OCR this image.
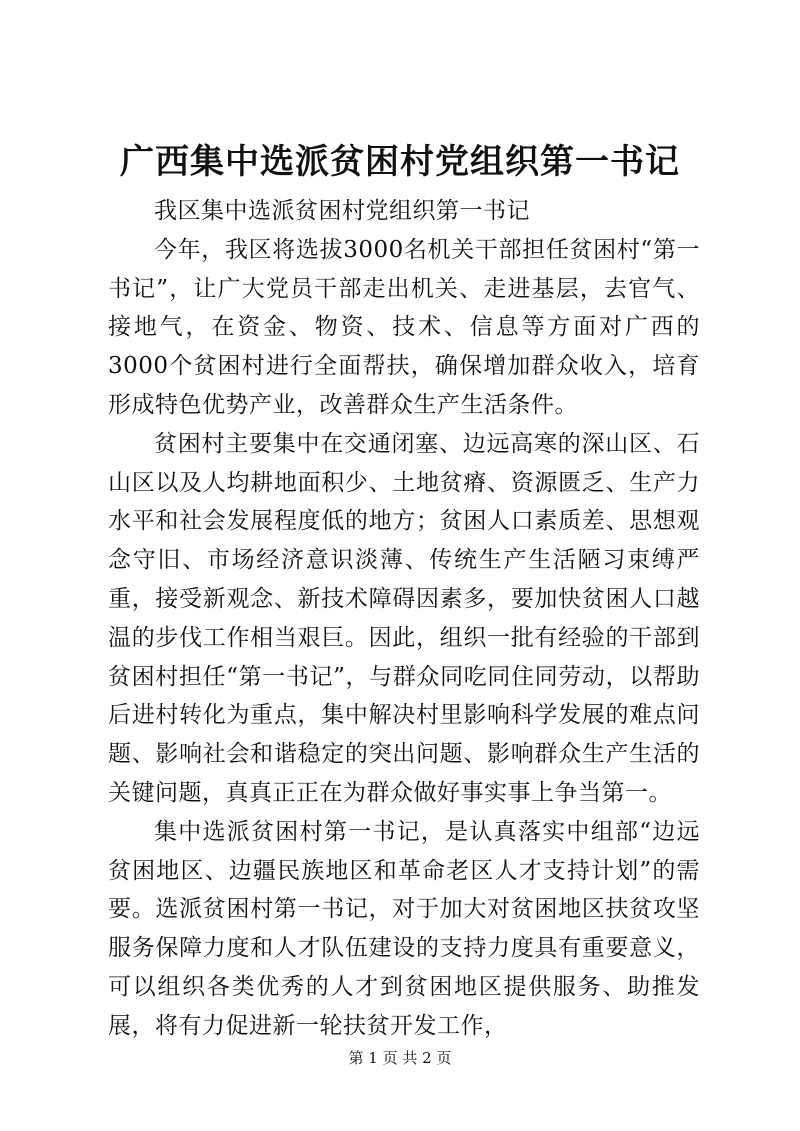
广西集中选派贫困村党组织第一书记

我区集中选派贫困村党组织第一书记

今年，我区将选拔3000名机关干部担任贫困村“第一书记”，让广大党员干部走出机关、走进基层，去官气、接地气，在资金、物资、技术、信息等方面对广西的3000个贫困村进行全面帮扶，确保增加群众收入，培育形成特色优势产业，改善群众生产生活条件。

贫困村主要集中在交通闭塞、边远高寒的深山区、石山区以及人均耕地面积少、土地贫瘠、资源匮乏、生产力水平和社会发展程度低的地方；贫困人口素质差、思想观念守旧、市场经济意识淡薄、传统生产生活陋习束缚严重，接受新观念、新技术障碍因素多，要加快贫困人口越温的步伐工作相当艰巨。因此，组织一批有经验的干部到贫困村担任“第一书记”，与群众同吃同住同劳动，以帮助后进村转化为重点，集中解决村里影响科学发展的难点问题、影响社会和谐稳定的突出问题、影响群众生产生活的关键问题，真真正正在为群众做好事实事上争当第一。

集中选派贫困村第一书记，是认真落实中组部“边远贫困地区、边疆民族地区和革命老区人才支持计划”的需要。选派贫困村第一书记，对于加大对贫困地区扶贫攻坚服务保障力度和人才队伍建设的支持力度具有重要意义，可以组织各类优秀的人才到贫困地区提供服务、助推发展，将有力促进新一轮扶贫开发工作，

第 1 页 共 2 页
